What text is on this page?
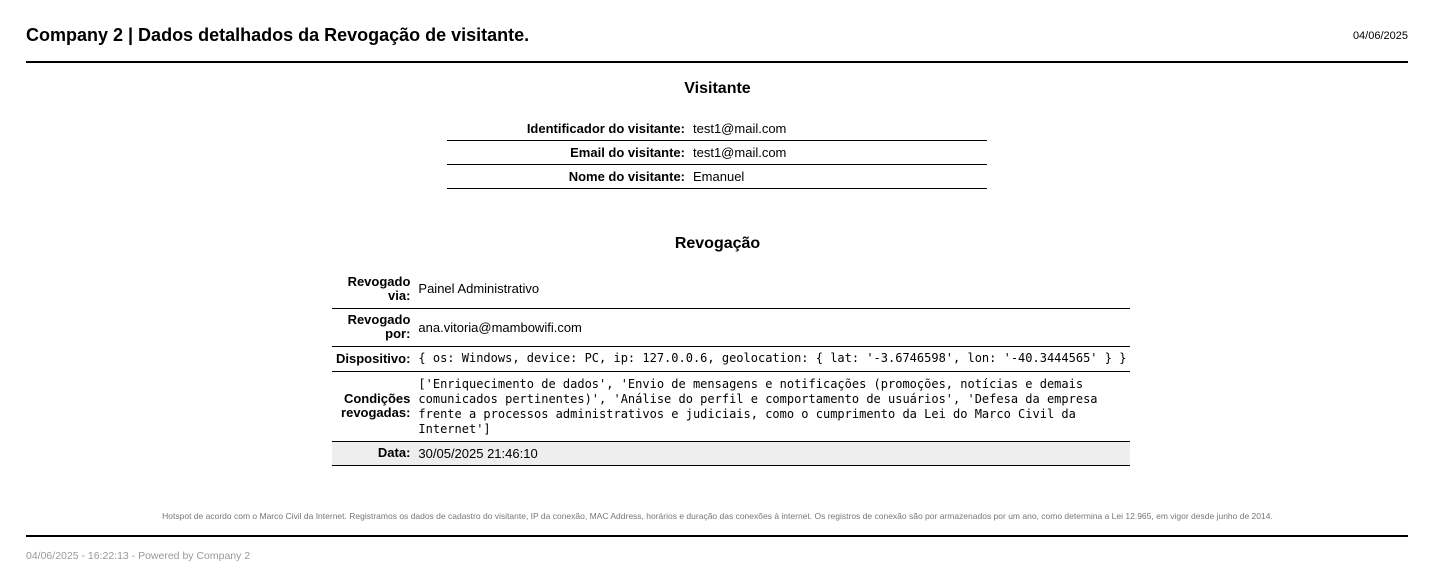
Company 2 | Dados detalhados da Revogação de visitante.	04/06/2025
Visitante
Identificador do visitante:	test1@mail.com
Email do visitante:	test1@mail.com
Nome do visitante:	Emanuel
Revogação
Revogado via:	Painel Administrativo
Revogado por:	ana.vitoria@mambowifi.com
Dispositivo:	{ os: Windows, device: PC, ip: 127.0.0.6, geolocation: { lat: '-3.6746598', lon: '-40.3444565' } }
Condições revogadas:	['Enriquecimento de dados', 'Envio de mensagens e notificações (promoções, notícias e demais comunicados pertinentes)', 'Análise do perfil e comportamento de usuários', 'Defesa da empresa frente a processos administrativos e judiciais, como o cumprimento da Lei do Marco Civil da Internet']
Data:	30/05/2025 21:46:10
Hotspot de acordo com o Marco Civil da Internet. Registramos os dados de cadastro do visitante, IP da conexão, MAC Address, horários e duração das conexões à internet. Os registros de conexão são por armazenados por um ano, como determina a Lei 12.965, em vigor desde junho de 2014.
04/06/2025 - 16:22:13 - Powered by Company 2
